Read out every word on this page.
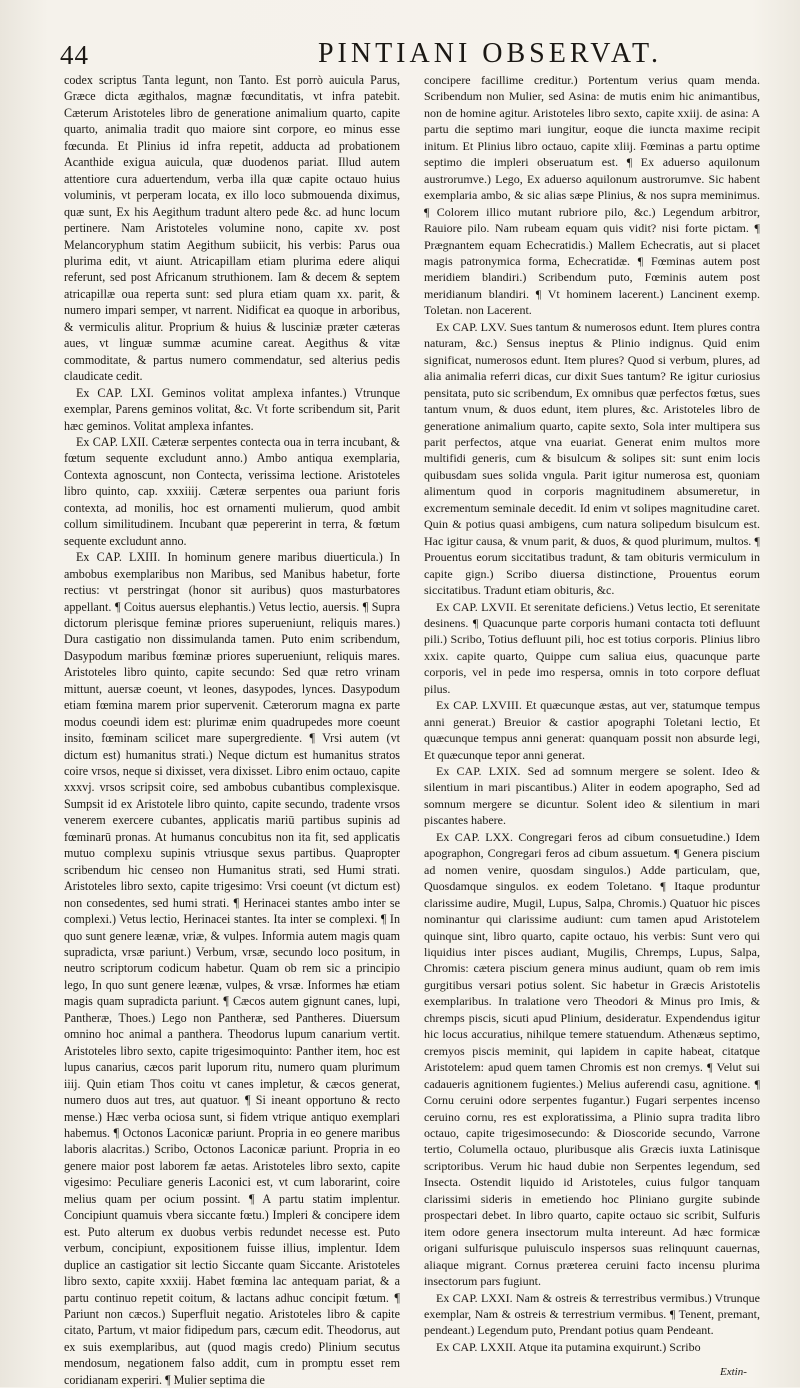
44	PINTIANI OBSERVAT.

codex scriptus Tanta legunt, non Tanto. Est porrò auicula Parus, Græce dicta ægithalos, magnæ fœcunditatis, vt infra patebit. Cæterum Aristoteles libro de generatione animalium quarto, capite quarto, animalia tradit quo maiore sint corpore, eo minus esse fœcunda. Et Plinius id infra repetit, adducta ad probationem Acanthide exigua auicula, quæ duodenos pariat. Illud autem attentiore cura aduertendum, verba illa quæ capite octauo huius voluminis, vt perperam locata, ex illo loco submouenda diximus, quæ sunt, Ex his Aegithum tradunt altero pede &c. ad hunc locum pertinere. Nam Aristoteles volumine nono, capite xv. post Melancoryphum statim Aegithum subiicit, his verbis: Parus oua plurima edit, vt aiunt. Atricapillam etiam plurima edere aliqui referunt, sed post Africanum struthionem. Iam & decem & septem atricapillæ oua reperta sunt: sed plura etiam quam xx. parit, & numero impari semper, vt narrent. Nidificat ea quoque in arboribus, & vermiculis alitur. Proprium & huius & lusciniæ præter cæteras aues, vt linguæ summæ acumine careat. Aegithus & vitæ commoditate, & partus numero commendatur, sed alterius pedis claudicate cedit.

Ex CAP. LXI. Geminos volitat amplexa infantes.) Vtrunque exemplar, Parens geminos volitat, &c. Vt forte scribendum sit, Parit hæc geminos. Volitat amplexa infantes.

Ex CAP. LXII. Cæteræ serpentes contecta oua in terra incubant, & fœtum sequente excludunt anno.) Ambo antiqua exemplaria, Contexta agnoscunt, non Contecta, verissima lectione. Aristoteles libro quinto, cap. xxxiiij. Cæteræ serpentes oua pariunt foris contexta, ad monilis, hoc est ornamenti mulierum, quod ambit collum similitudinem. Incubant quæ pepererint in terra, & fœtum sequente excludunt anno.

Ex CAP. LXIII. In hominum genere maribus diuerticula.) In ambobus exemplaribus non Maribus, sed Manibus habetur, forte rectius: vt perstringat (honor sit auribus) quos masturbatores appellant. ¶ Coitus auersus elephantis.) Vetus lectio, auersis. ¶ Supra dictorum plerisque feminæ priores superueniunt, reliquis mares.) Dura castigatio non dissimulanda tamen. Puto enim scribendum, Dasypodum maribus fœminæ priores superueniunt, reliquis mares. Aristoteles libro quinto, capite secundo: Sed quæ retro vrinam mittunt, auersæ coeunt, vt leones, dasypodes, lynces. Dasypodum etiam fœmina marem prior supervenit. Cæterorum magna ex parte modus coeundi idem est: plurimæ enim quadrupedes more coeunt insito, fœminam scilicet mare supergrediente. ¶ Vrsi autem (vt dictum est) humanitus strati.) Neque dictum est humanitus stratos coire vrsos, neque si dixisset, vera dixisset. Libro enim octauo, capite xxxvj. vrsos scripsit coire, sed ambobus cubantibus complexisque. Sumpsit id ex Aristotele libro quinto, capite secundo, tradente vrsos venerem exercere cubantes, applicatis mariū partibus supinis ad fœminarū pronas. At humanus concubitus non ita fit, sed applicatis mutuo complexu supinis vtriusque sexus partibus. Quapropter scribendum hic censeo non Humanitus strati, sed Humi strati. Aristoteles libro sexto, capite trigesimo: Vrsi coeunt (vt dictum est) non consedentes, sed humi strati. ¶ Herinacei stantes ambo inter se complexi.) Vetus lectio, Herinacei stantes. Ita inter se complexi. ¶ In quo sunt genere leænæ, vriæ, & vulpes. Informia autem magis quam supradicta, vrsæ pariunt.) Verbum, vrsæ, secundo loco positum, in neutro scriptorum codicum habetur. Quam ob rem sic a principio lego, In quo sunt genere leænæ, vulpes, & vrsæ. Informes hæ etiam magis quam supradicta pariunt. ¶ Cæcos autem gignunt canes, lupi, Pantheræ, Thoes.) Lego non Pantheræ, sed Pantheres. Diuersum omnino hoc animal a panthera. Theodorus lupum canarium vertit. Aristoteles libro sexto, capite trigesimoquinto: Panther item, hoc est lupus canarius, cæcos parit luporum ritu, numero quam plurimum iiij. Quin etiam Thos coitu vt canes impletur, & cæcos generat, numero duos aut tres, aut quatuor. ¶ Si ineant opportuno & recto mense.) Hæc verba ociosa sunt, si fidem vtrique antiquo exemplari habemus. ¶ Octonos Laconicæ pariunt. Propria in eo genere maribus laboris alacritas.) Scribo, Octonos Laconicæ pariunt. Propria in eo genere maior post laborem fæ aetas. Aristoteles libro sexto, capite vigesimo: Peculiare generis Laconici est, vt cum laborarint, coire melius quam per ocium possint. ¶ A partu statim implentur. Concipiunt quamuis vbera siccante fœtu.) Impleri & concipere idem est. Puto alterum ex duobus verbis redundet necesse est. Puto verbum, concipiunt, expositionem fuisse illius, implentur. Idem duplice an castigatior sit lectio Siccante quam Siccante. Aristoteles libro sexto, capite xxxiij. Habet fœmina lac antequam pariat, & a partu continuo repetit coitum, & lactans adhuc concipit fœtum. ¶ Pariunt non cæcos.) Superfluit negatio. Aristoteles libro & capite citato, Partum, vt maior fidipedum pars, cæcum edit. Theodorus, aut ex suis exemplaribus, aut (quod magis credo) Plinium secutus mendosum, negationem falso addit, cum in promptu esset rem coridianam experiri. ¶ Mulier septima die

concipere facillime creditur.) Portentum verius quam menda. Scribendum non Mulier, sed Asina: de mutis enim hic animantibus, non de homine agitur. Aristoteles libro sexto, capite xxiij. de asina: A partu die septimo mari iungitur, eoque die iuncta maxime recipit initum. Et Plinius libro octauo, capite xliij. Fœminas a partu optime septimo die impleri obseruatum est. ¶ Ex aduerso aquilonum austrorumve.) Lego, Ex aduerso aquilonum austrorumve. Sic habent exemplaria ambo, & sic alias sæpe Plinius, & nos supra meminimus. ¶ Colorem illico mutant rubriore pilo, &c.) Legendum arbitror, Rauiore pilo. Nam rubeam equam quis vidit? nisi forte pictam. ¶ Prægnantem equam Echecratidis.) Mallem Echecratis, aut si placet magis patronymica forma, Echecratidæ. ¶ Fœminas autem post meridiem blandiri.) Scribendum puto, Fœminis autem post meridianum blandiri. ¶ Vt hominem lacerent.) Lancinent exemp. Toletan. non Lacerent.

Ex CAP. LXV. Sues tantum & numerosos edunt. Item plures contra naturam, &c.) Sensus ineptus & Plinio indignus. Quid enim significat, numerosos edunt. Item plures? Quod si verbum, plures, ad alia animalia referri dicas, cur dixit Sues tantum? Re igitur curiosius pensitata, puto sic scribendum, Ex omnibus quæ perfectos fœtus, sues tantum vnum, & duos edunt, item plures, &c. Aristoteles libro de generatione animalium quarto, capite sexto, Sola inter multipera sus parit perfectos, atque vna euariat. Generat enim multos more multifidi generis, cum & bisulcum & solipes sit: sunt enim locis quibusdam sues solida vngula. Parit igitur numerosa est, quoniam alimentum quod in corporis magnitudinem absumeretur, in excrementum seminale decedit. Id enim vt solipes magnitudine caret. Quin & potius quasi ambigens, cum natura solipedum bisulcum est. Hac igitur causa, & vnum parit, & duos, & quod plurimum, multos. ¶ Prouentus eorum siccitatibus tradunt, & tam obituris vermiculum in capite gign.) Scribo diuersa distinctione, Prouentus eorum siccitatibus. Tradunt etiam obituris, &c.

Ex CAP. LXVII. Et serenitate deficiens.) Vetus lectio, Et serenitate desinens. ¶ Quacunque parte corporis humani contacta toti defluunt pili.) Scribo, Totius defluunt pili, hoc est totius corporis. Plinius libro xxix. capite quarto, Quippe cum saliua eius, quacunque parte corporis, vel in pede imo respersa, omnis in toto corpore defluat pilus.

Ex CAP. LXVIII. Et quæcunque æstas, aut ver, statumque tempus anni generat.) Breuior & castior apographi Toletani lectio, Et quæcunque tempus anni generat: quanquam possit non absurde legi, Et quæcunque tepor anni generat.

Ex CAP. LXIX. Sed ad somnum mergere se solent. Ideo & silentium in mari piscantibus.) Aliter in eodem apographo, Sed ad somnum mergere se dicuntur. Solent ideo & silentium in mari piscantes habere.

Ex CAP. LXX. Congregari feros ad cibum consuetudine.) Idem apographon, Congregari feros ad cibum assuetum. ¶ Genera piscium ad nomen venire, quosdam singulos.) Adde particulam, que, Quosdamque singulos. ex eodem Toletano. ¶ Itaque produntur clarissime audire, Mugil, Lupus, Salpa, Chromis.) Quatuor hic pisces nominantur qui clarissime audiunt: cum tamen apud Aristotelem quinque sint, libro quarto, capite octauo, his verbis: Sunt vero qui liquidius inter pisces audiant, Mugilis, Chremps, Lupus, Salpa, Chromis: cætera piscium genera minus audiunt, quam ob rem imis gurgitibus versari potius solent. Sic habetur in Græcis Aristotelis exemplaribus. In tralatione vero Theodori & Minus pro Imis, & chremps piscis, sicuti apud Plinium, desideratur. Expendendus igitur hic locus accuratius, nihilque temere statuendum. Athenæus septimo, cremyos piscis meminit, qui lapidem in capite habeat, citatque Aristotelem: apud quem tamen Chromis est non cremys. ¶ Velut sui cadaueris agnitionem fugientes.) Melius auferendi casu, agnitione. ¶ Cornu ceruini odore serpentes fugantur.) Fugari serpentes incenso ceruino cornu, res est exploratissima, a Plinio supra tradita libro octauo, capite trigesimosecundo: & Dioscoride secundo, Varrone tertio, Columella octauo, pluribusque alis Græcis iuxta Latinisque scriptoribus. Verum hic haud dubie non Serpentes legendum, sed Insecta. Ostendit liquido id Aristoteles, cuius fulgor tanquam clarissimi sideris in emetiendo hoc Pliniano gurgite subinde prospectari debet. In libro quarto, capite octauo sic scribit, Sulfuris item odore genera insectorum multa intereunt. Ad hæc formicæ origani sulfurisque puluisculo inspersos suas relinquunt cauernas, aliaque migrant. Cornus præterea ceruini facto incensu plurima insectorum pars fugiunt.

Ex CAP. LXXI. Nam & ostreis & terrestribus vermibus.) Vtrunque exemplar, Nam & ostreis & terrestrium vermibus. ¶ Tenent, premant, pendeant.) Legendum puto, Prendant potius quam Pendeant.

Ex CAP. LXXII. Atque ita putamina exquirunt.) Scribo

Extin-
